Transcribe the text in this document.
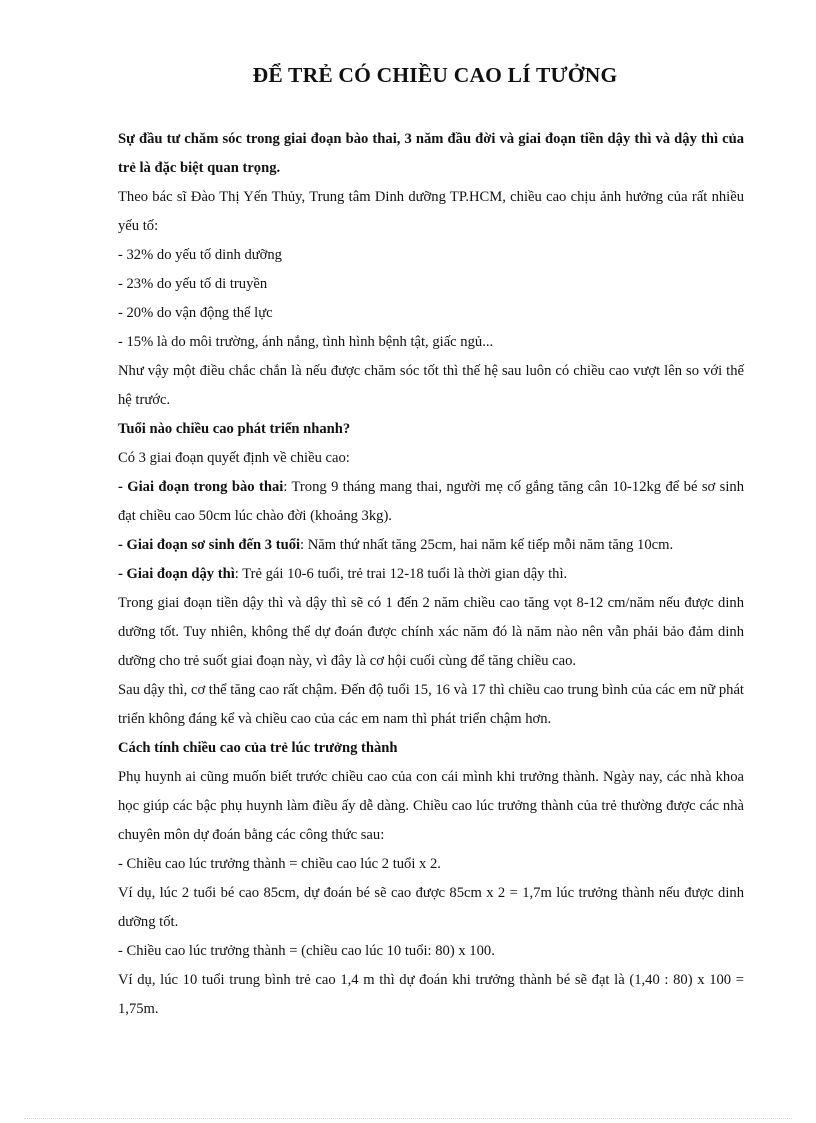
ĐỂ TRẺ CÓ CHIỀU CAO LÍ TƯỞNG

Sự đầu tư chăm sóc trong giai đoạn bào thai, 3 năm đầu đời và giai đoạn tiền dậy thì và dậy thì của trẻ là đặc biệt quan trọng.

Theo bác sĩ Đào Thị Yến Thủy, Trung tâm Dinh dưỡng TP.HCM, chiều cao chịu ảnh hưởng của rất nhiều yếu tố:

- 32% do yếu tố dinh dưỡng

- 23% do yếu tố di truyền

- 20% do vận động thể lực

- 15% là do môi trường, ánh nắng, tình hình bệnh tật, giấc ngủ...

Như vậy một điều chắc chắn là nếu được chăm sóc tốt thì thế hệ sau luôn có chiều cao vượt lên so với thế hệ trước.

Tuổi nào chiều cao phát triển nhanh?

Có 3 giai đoạn quyết định về chiều cao:

- Giai đoạn trong bào thai: Trong 9 tháng mang thai, người mẹ cố gắng tăng cân 10-12kg để bé sơ sinh đạt chiều cao 50cm lúc chào đời (khoảng 3kg).

- Giai đoạn sơ sinh đến 3 tuổi: Năm thứ nhất tăng 25cm, hai năm kế tiếp mỗi năm tăng 10cm.

- Giai đoạn dậy thì: Trẻ gái 10-6 tuổi, trẻ trai 12-18 tuổi là thời gian dậy thì.

Trong giai đoạn tiền dậy thì và dậy thì sẽ có 1 đến 2 năm chiều cao tăng vọt 8-12 cm/năm nếu được dinh dưỡng tốt. Tuy nhiên, không thể dự đoán được chính xác năm đó là năm nào nên vẫn phải bảo đảm dinh dưỡng cho trẻ suốt giai đoạn này, vì đây là cơ hội cuối cùng để tăng chiều cao.

Sau dậy thì, cơ thể tăng cao rất chậm. Đến độ tuổi 15, 16 và 17 thì chiều cao trung bình của các em nữ phát triển không đáng kể và chiều cao của các em nam thì phát triển chậm hơn.

Cách tính chiều cao của trẻ lúc trưởng thành

Phụ huynh ai cũng muốn biết trước chiều cao của con cái mình khi trưởng thành. Ngày nay, các nhà khoa học giúp các bậc phụ huynh làm điều ấy dễ dàng. Chiều cao lúc trưởng thành của trẻ thường được các nhà chuyên môn dự đoán bằng các công thức sau:

- Chiều cao lúc trưởng thành = chiều cao lúc 2 tuổi x 2.

Ví dụ, lúc 2 tuổi bé cao 85cm, dự đoán bé sẽ cao được 85cm x 2 = 1,7m lúc trưởng thành nếu được dinh dưỡng tốt.

- Chiều cao lúc trưởng thành = (chiều cao lúc 10 tuổi: 80) x 100.

Ví dụ, lúc 10 tuổi trung bình trẻ cao 1,4 m thì dự đoán khi trưởng thành bé sẽ đạt là (1,40 : 80) x 100 = 1,75m.
